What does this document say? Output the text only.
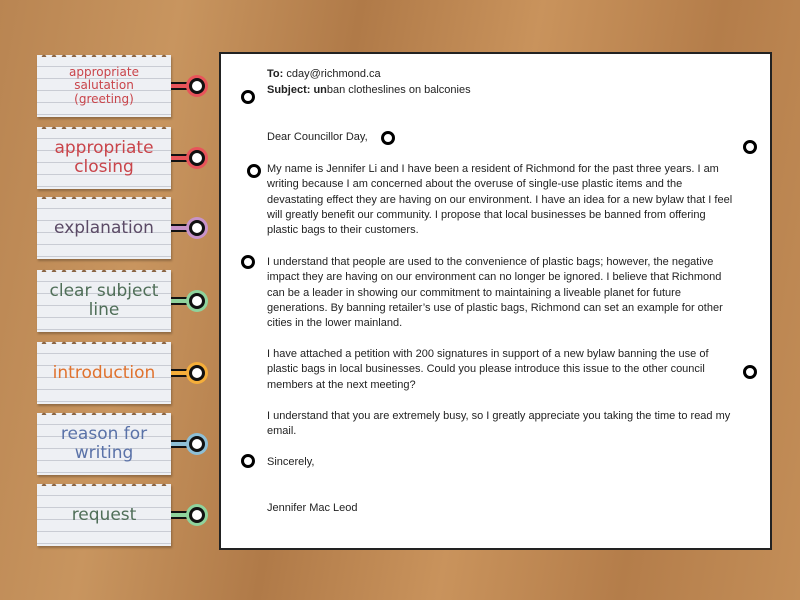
appropriate salutation (greeting)
appropriate closing
explanation
clear subject line
introduction
reason for writing
request
To: cday@richmond.ca
Subject: unban clotheslines on balconies
Dear Councillor Day,
My name is Jennifer Li and I have been a resident of Richmond for the past three years. I am
writing because I am concerned about the overuse of single-use plastic items and the
devastating effect they are having on our environment. I have an idea for a new bylaw that I feel
will greatly benefit our community. I propose that local businesses be banned from offering
plastic bags to their customers.
I understand that people are used to the convenience of plastic bags; however, the negative
impact they are having on our environment can no longer be ignored. I believe that Richmond
can be a leader in showing our commitment to maintaining a liveable planet for future
generations. By banning retailer’s use of plastic bags, Richmond can set an example for other
cities in the lower mainland.
I have attached a petition with 200 signatures in support of a new bylaw banning the use of
plastic bags in local businesses. Could you please introduce this issue to the other council
members at the next meeting?
I understand that you are extremely busy, so I greatly appreciate you taking the time to read my
email.
Sincerely,
Jennifer Mac Leod
